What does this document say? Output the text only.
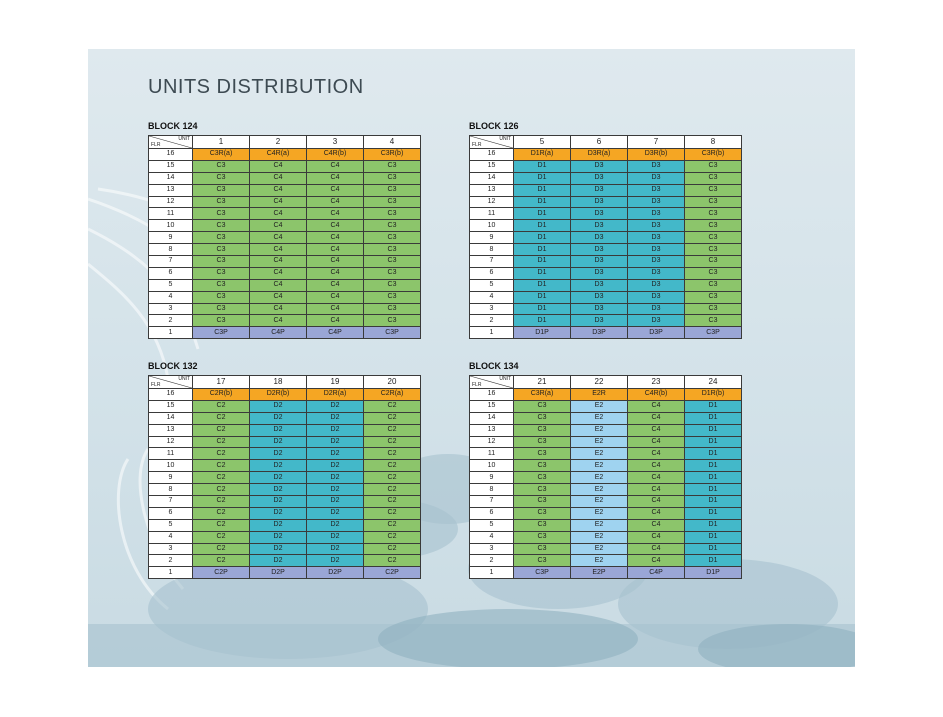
UNITS DISTRIBUTION
BLOCK 124
UNIT
FLR	1	2	3	4
16	C3R(a)	C4R(a)	C4R(b)	C3R(b)
15	C3	C4	C4	C3
14	C3	C4	C4	C3
13	C3	C4	C4	C3
12	C3	C4	C4	C3
11	C3	C4	C4	C3
10	C3	C4	C4	C3
9	C3	C4	C4	C3
8	C3	C4	C4	C3
7	C3	C4	C4	C3
6	C3	C4	C4	C3
5	C3	C4	C4	C3
4	C3	C4	C4	C3
3	C3	C4	C4	C3
2	C3	C4	C4	C3
1	C3P	C4P	C4P	C3P
BLOCK 126
UNIT
FLR	5	6	7	8
16	D1R(a)	D3R(a)	D3R(b)	C3R(b)
15	D1	D3	D3	C3
14	D1	D3	D3	C3
13	D1	D3	D3	C3
12	D1	D3	D3	C3
11	D1	D3	D3	C3
10	D1	D3	D3	C3
9	D1	D3	D3	C3
8	D1	D3	D3	C3
7	D1	D3	D3	C3
6	D1	D3	D3	C3
5	D1	D3	D3	C3
4	D1	D3	D3	C3
3	D1	D3	D3	C3
2	D1	D3	D3	C3
1	D1P	D3P	D3P	C3P
BLOCK 132
UNIT
FLR	17	18	19	20
16	C2R(b)	D2R(b)	D2R(a)	C2R(a)
15	C2	D2	D2	C2
14	C2	D2	D2	C2
13	C2	D2	D2	C2
12	C2	D2	D2	C2
11	C2	D2	D2	C2
10	C2	D2	D2	C2
9	C2	D2	D2	C2
8	C2	D2	D2	C2
7	C2	D2	D2	C2
6	C2	D2	D2	C2
5	C2	D2	D2	C2
4	C2	D2	D2	C2
3	C2	D2	D2	C2
2	C2	D2	D2	C2
1	C2P	D2P	D2P	C2P
BLOCK 134
UNIT
FLR	21	22	23	24
16	C3R(a)	E2R	C4R(b)	D1R(b)
15	C3	E2	C4	D1
14	C3	E2	C4	D1
13	C3	E2	C4	D1
12	C3	E2	C4	D1
11	C3	E2	C4	D1
10	C3	E2	C4	D1
9	C3	E2	C4	D1
8	C3	E2	C4	D1
7	C3	E2	C4	D1
6	C3	E2	C4	D1
5	C3	E2	C4	D1
4	C3	E2	C4	D1
3	C3	E2	C4	D1
2	C3	E2	C4	D1
1	C3P	E2P	C4P	D1P
